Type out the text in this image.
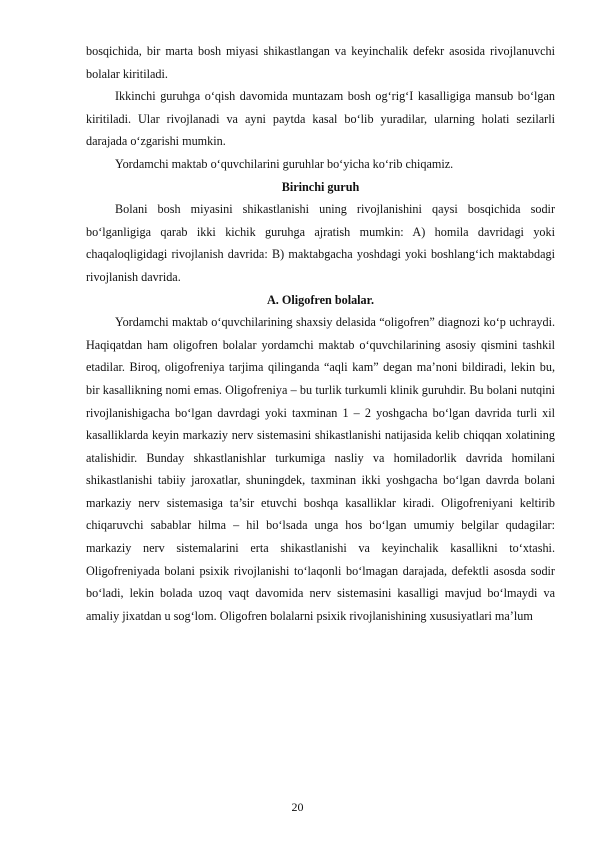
bosqichida, bir marta bosh miyasi shikastlangan va keyinchalik defekr asosida rivojlanuvchi bolalar kiritiladi.

Ikkinchi guruhga o‘qish davomida muntazam bosh og‘rig‘I kasalligiga mansub bo‘lgan kiritiladi. Ular rivojlanadi va ayni paytda kasal bo‘lib yuradilar, ularning holati sezilarli darajada o‘zgarishi mumkin.

Yordamchi maktab o‘quvchilarini guruhlar bo‘yicha ko‘rib chiqamiz.

Birinchi guruh

Bolani bosh miyasini shikastlanishi uning rivojlanishini qaysi bosqichida sodir bo‘lganligiga qarab ikki kichik guruhga ajratish mumkin: A) homila davridagi yoki chaqaloqligidagi rivojlanish davrida: B) maktabgacha yoshdagi yoki boshlang‘ich maktabdagi rivojlanish davrida.

A. Oligofren bolalar.

Yordamchi maktab o‘quvchilarining shaxsiy delasida “oligofren” diagnozi ko‘p uchraydi. Haqiqatdan ham oligofren bolalar yordamchi maktab o‘quvchilarining asosiy qismini tashkil etadilar. Biroq, oligofreniya tarjima qilinganda “aqli kam” degan ma’noni bildiradi, lekin bu, bir kasallikning nomi emas. Oligofreniya – bu turlik turkumli klinik guruhdir. Bu bolani nutqini rivojlanishigacha bo‘lgan davrdagi yoki taxminan 1 – 2 yoshgacha bo‘lgan davrida turli xil kasalliklarda keyin markaziy nerv sistemasini shikastlanishi natijasida kelib chiqqan xolatining atalishidir. Bunday shkastlanishlar turkumiga nasliy va homiladorlik davrida homilani shikastlanishi tabiiy jaroxatlar, shuningdek, taxminan ikki yoshgacha bo‘lgan davrda bolani markaziy nerv sistemasiga ta’sir etuvchi boshqa kasalliklar kiradi. Oligofreniyani keltirib chiqaruvchi sabablar hilma – hil bo‘lsada unga hos bo‘lgan umumiy belgilar qudagilar: markaziy nerv sistemalarini erta shikastlanishi va keyinchalik kasallikni to‘xtashi. Oligofreniyada bolani psixik rivojlanishi to‘laqonli bo‘lmagan darajada, defektli asosda sodir bo‘ladi, lekin bolada uzoq vaqt davomida nerv sistemasini kasalligi mavjud bo‘lmaydi va amaliy jixatdan u sog‘lom. Oligofren bolalarni psixik rivojlanishining xususiyatlari ma’lum

20
